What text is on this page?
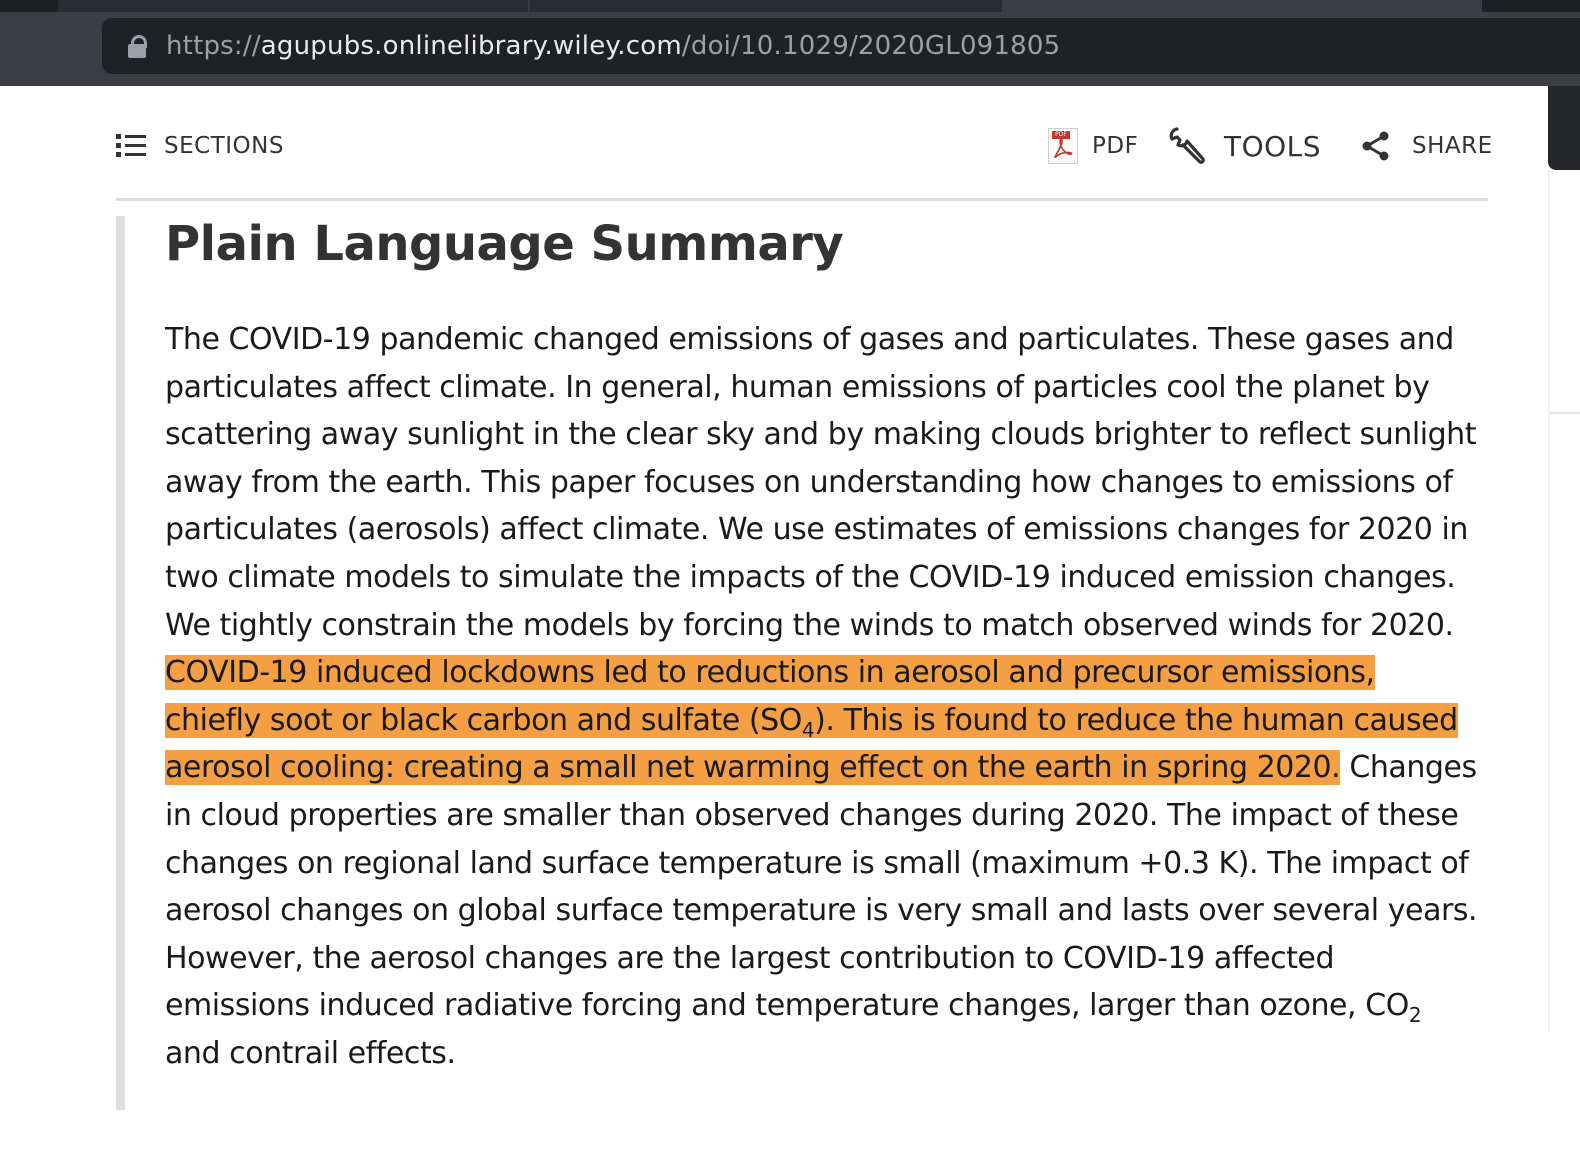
https://agupubs.onlinelibrary.wiley.com/doi/10.1029/2020GL091805
SECTIONS	PDF PDF	TOOLS	SHARE
Plain Language Summary

The COVID-19 pandemic changed emissions of gases and particulates. These gases and
particulates affect climate. In general, human emissions of particles cool the planet by
scattering away sunlight in the clear sky and by making clouds brighter to reflect sunlight
away from the earth. This paper focuses on understanding how changes to emissions of
particulates (aerosols) affect climate. We use estimates of emissions changes for 2020 in
two climate models to simulate the impacts of the COVID-19 induced emission changes.
We tightly constrain the models by forcing the winds to match observed winds for 2020.
COVID-19 induced lockdowns led to reductions in aerosol and precursor emissions,
chiefly soot or black carbon and sulfate $(SO_4)$. This is found to reduce the human caused
aerosol cooling: creating a small net warming effect on the earth in spring 2020. Changes
in cloud properties are smaller than observed changes during 2020. The impact of these
changes on regional land surface temperature is small (maximum +0.3 K). The impact of
aerosol changes on global surface temperature is very small and lasts over several years.
However, the aerosol changes are the largest contribution to COVID-19 affected
emissions induced radiative forcing and temperature changes, larger than ozone, $CO_2$
and contrail effects.
